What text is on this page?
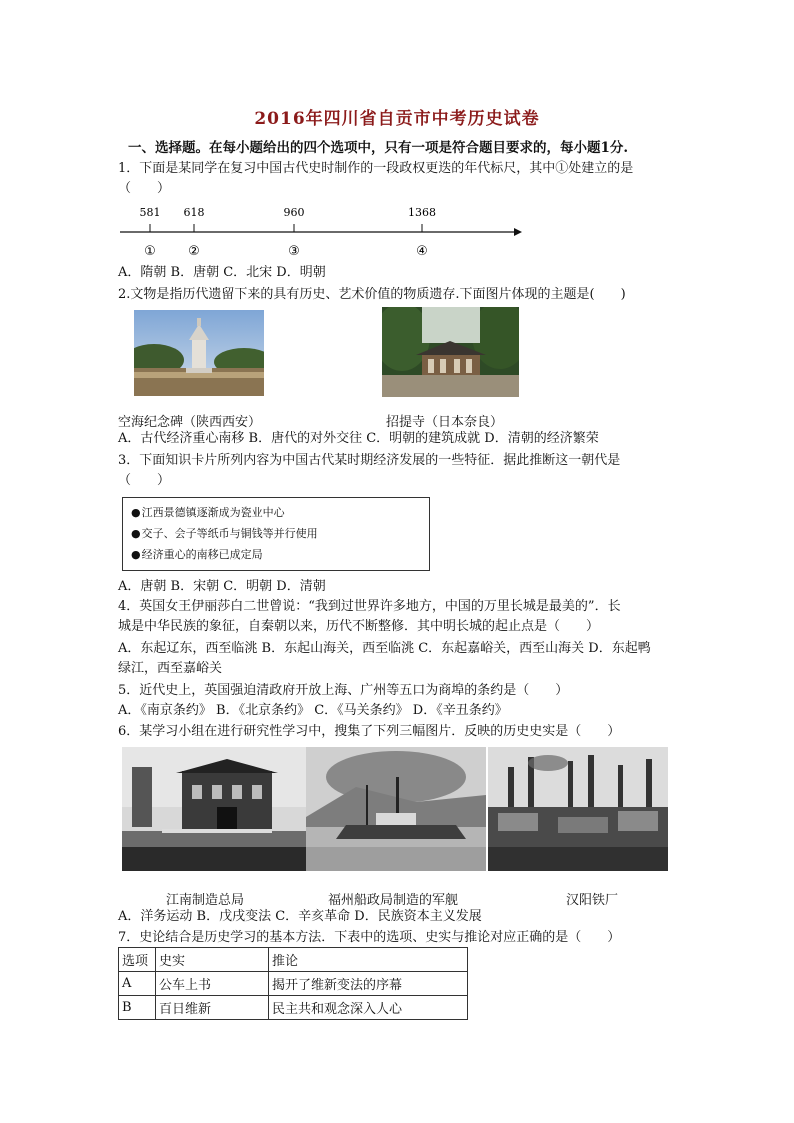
2016年四川省自贡市中考历史试卷
一、选择题。在每小题给出的四个选项中，只有一项是符合题目要求的，每小题1分.
1．下面是某同学在复习中国古代史时制作的一段政权更迭的年代标尺，其中①处建立的是
（　　）
581 618	960	1368
① ②	③	④
A．隋朝 B．唐朝 C．北宋 D．明朝
2.文物是指历代遗留下来的具有历史、艺术价值的物质遗存.下面图片体现的主题是(　　)
空海纪念碑（陕西西安）	招提寺（日本奈良）
A．古代经济重心南移 B．唐代的对外交往 C．明朝的建筑成就 D．清朝的经济繁荣
3．下面知识卡片所列内容为中国古代某时期经济发展的一些特征．据此推断这一朝代是
（　　）
●江西景德镇逐渐成为瓷业中心
●交子、会子等纸币与铜钱等并行使用
●经济重心的南移已成定局
A．唐朝 B．宋朝 C．明朝 D．清朝
4．英国女王伊丽莎白二世曾说：“我到过世界许多地方，中国的万里长城是最美的”．长
城是中华民族的象征，自秦朝以来，历代不断整修．其中明长城的起止点是（　　）
A．东起辽东，西至临洮 B．东起山海关，西至临洮 C．东起嘉峪关，西至山海关 D．东起鸭
绿江，西至嘉峪关
5．近代史上，英国强迫清政府开放上海、广州等五口为商埠的条约是（　　）
A．《南京条约》 B．《北京条约》 C．《马关条约》 D．《辛丑条约》
6．某学习小组在进行研究性学习中，搜集了下列三幅图片．反映的历史史实是（　　）
江南制造总局	福州船政局制造的军舰	汉阳铁厂
A．洋务运动 B．戊戌变法 C．辛亥革命 D．民族资本主义发展
7．史论结合是历史学习的基本方法．下表中的选项、史实与推论对应正确的是（　　）
选项	史实	推论
A	公车上书	揭开了维新变法的序幕
B	百日维新	民主共和观念深入人心
